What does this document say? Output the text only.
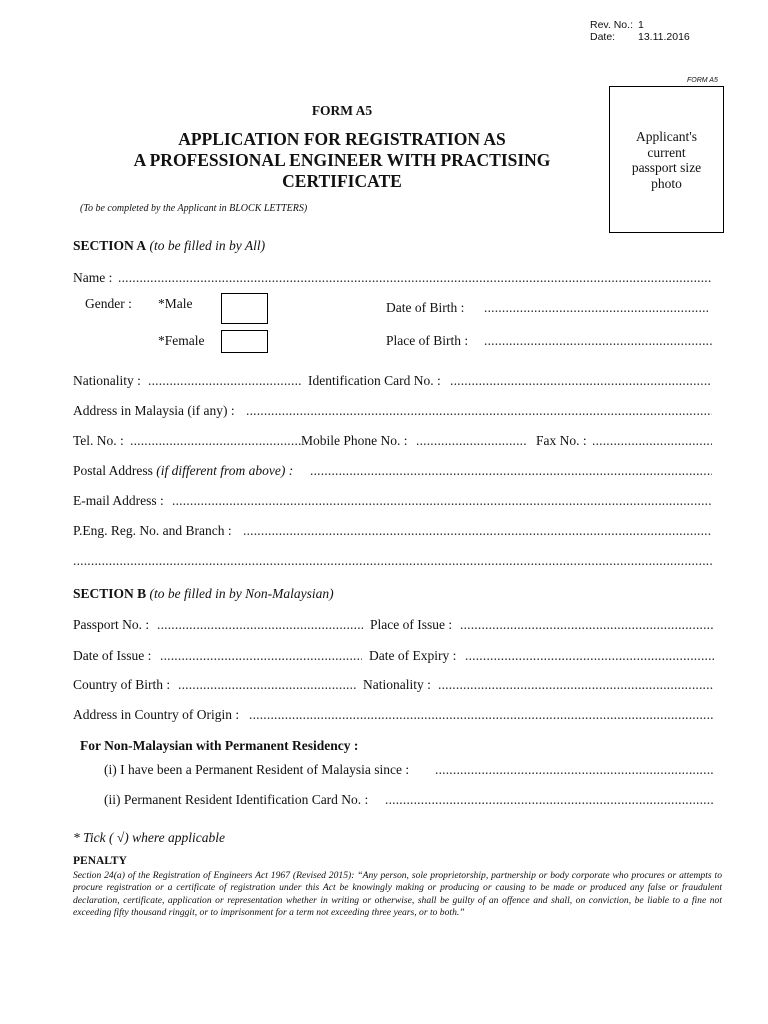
Rev. No.: 1
Date: 13.11.2016
FORM A5
Applicant's
current
passport size
photo
FORM A5
APPLICATION FOR REGISTRATION AS
A PROFESSIONAL ENGINEER WITH PRACTISING
CERTIFICATE
(To be completed by the Applicant in BLOCK LETTERS)
SECTION A (to be filled in by All)
Name :
.....
Gender : *Male
*Female
Date of Birth :
.....
Place of Birth :
.....
Nationality : .....	Identification Card No. :
.....
Address in Malaysia (if any) :
.....
Tel. No. : .....	Mobile Phone No. : .....	Fax No. :
.....
Postal Address (if different from above) :
.....
E-mail Address :
.....
P.Eng. Reg. No. and Branch :
.....
.....
SECTION B (to be filled in by Non-Malaysian)
Passport No. : .....	Place of Issue :
.....
Date of Issue : .....	Date of Expiry :
.....
Country of Birth : .....	Nationality :
.....
Address in Country of Origin :
.....
For Non-Malaysian with Permanent Residency :
(i) I have been a Permanent Resident of Malaysia since :
.....
(ii) Permanent Resident Identification Card No. :
.....
* Tick ( √) where applicable
PENALTY
Section 24(a) of the Registration of Engineers Act 1967 (Revised 2015): “Any person, sole proprietorship, partnership or body corporate who procures or attempts to procure registration or a certificate of registration under this Act be knowingly making or producing or causing to be made or produced any false or fraudulent declaration, certificate, application or representation whether in writing or otherwise, shall be guilty of an offence and shall, on conviction, be liable to a fine not exceeding fifty thousand ringgit, or to imprisonment for a term not exceeding three years, or to both.”
